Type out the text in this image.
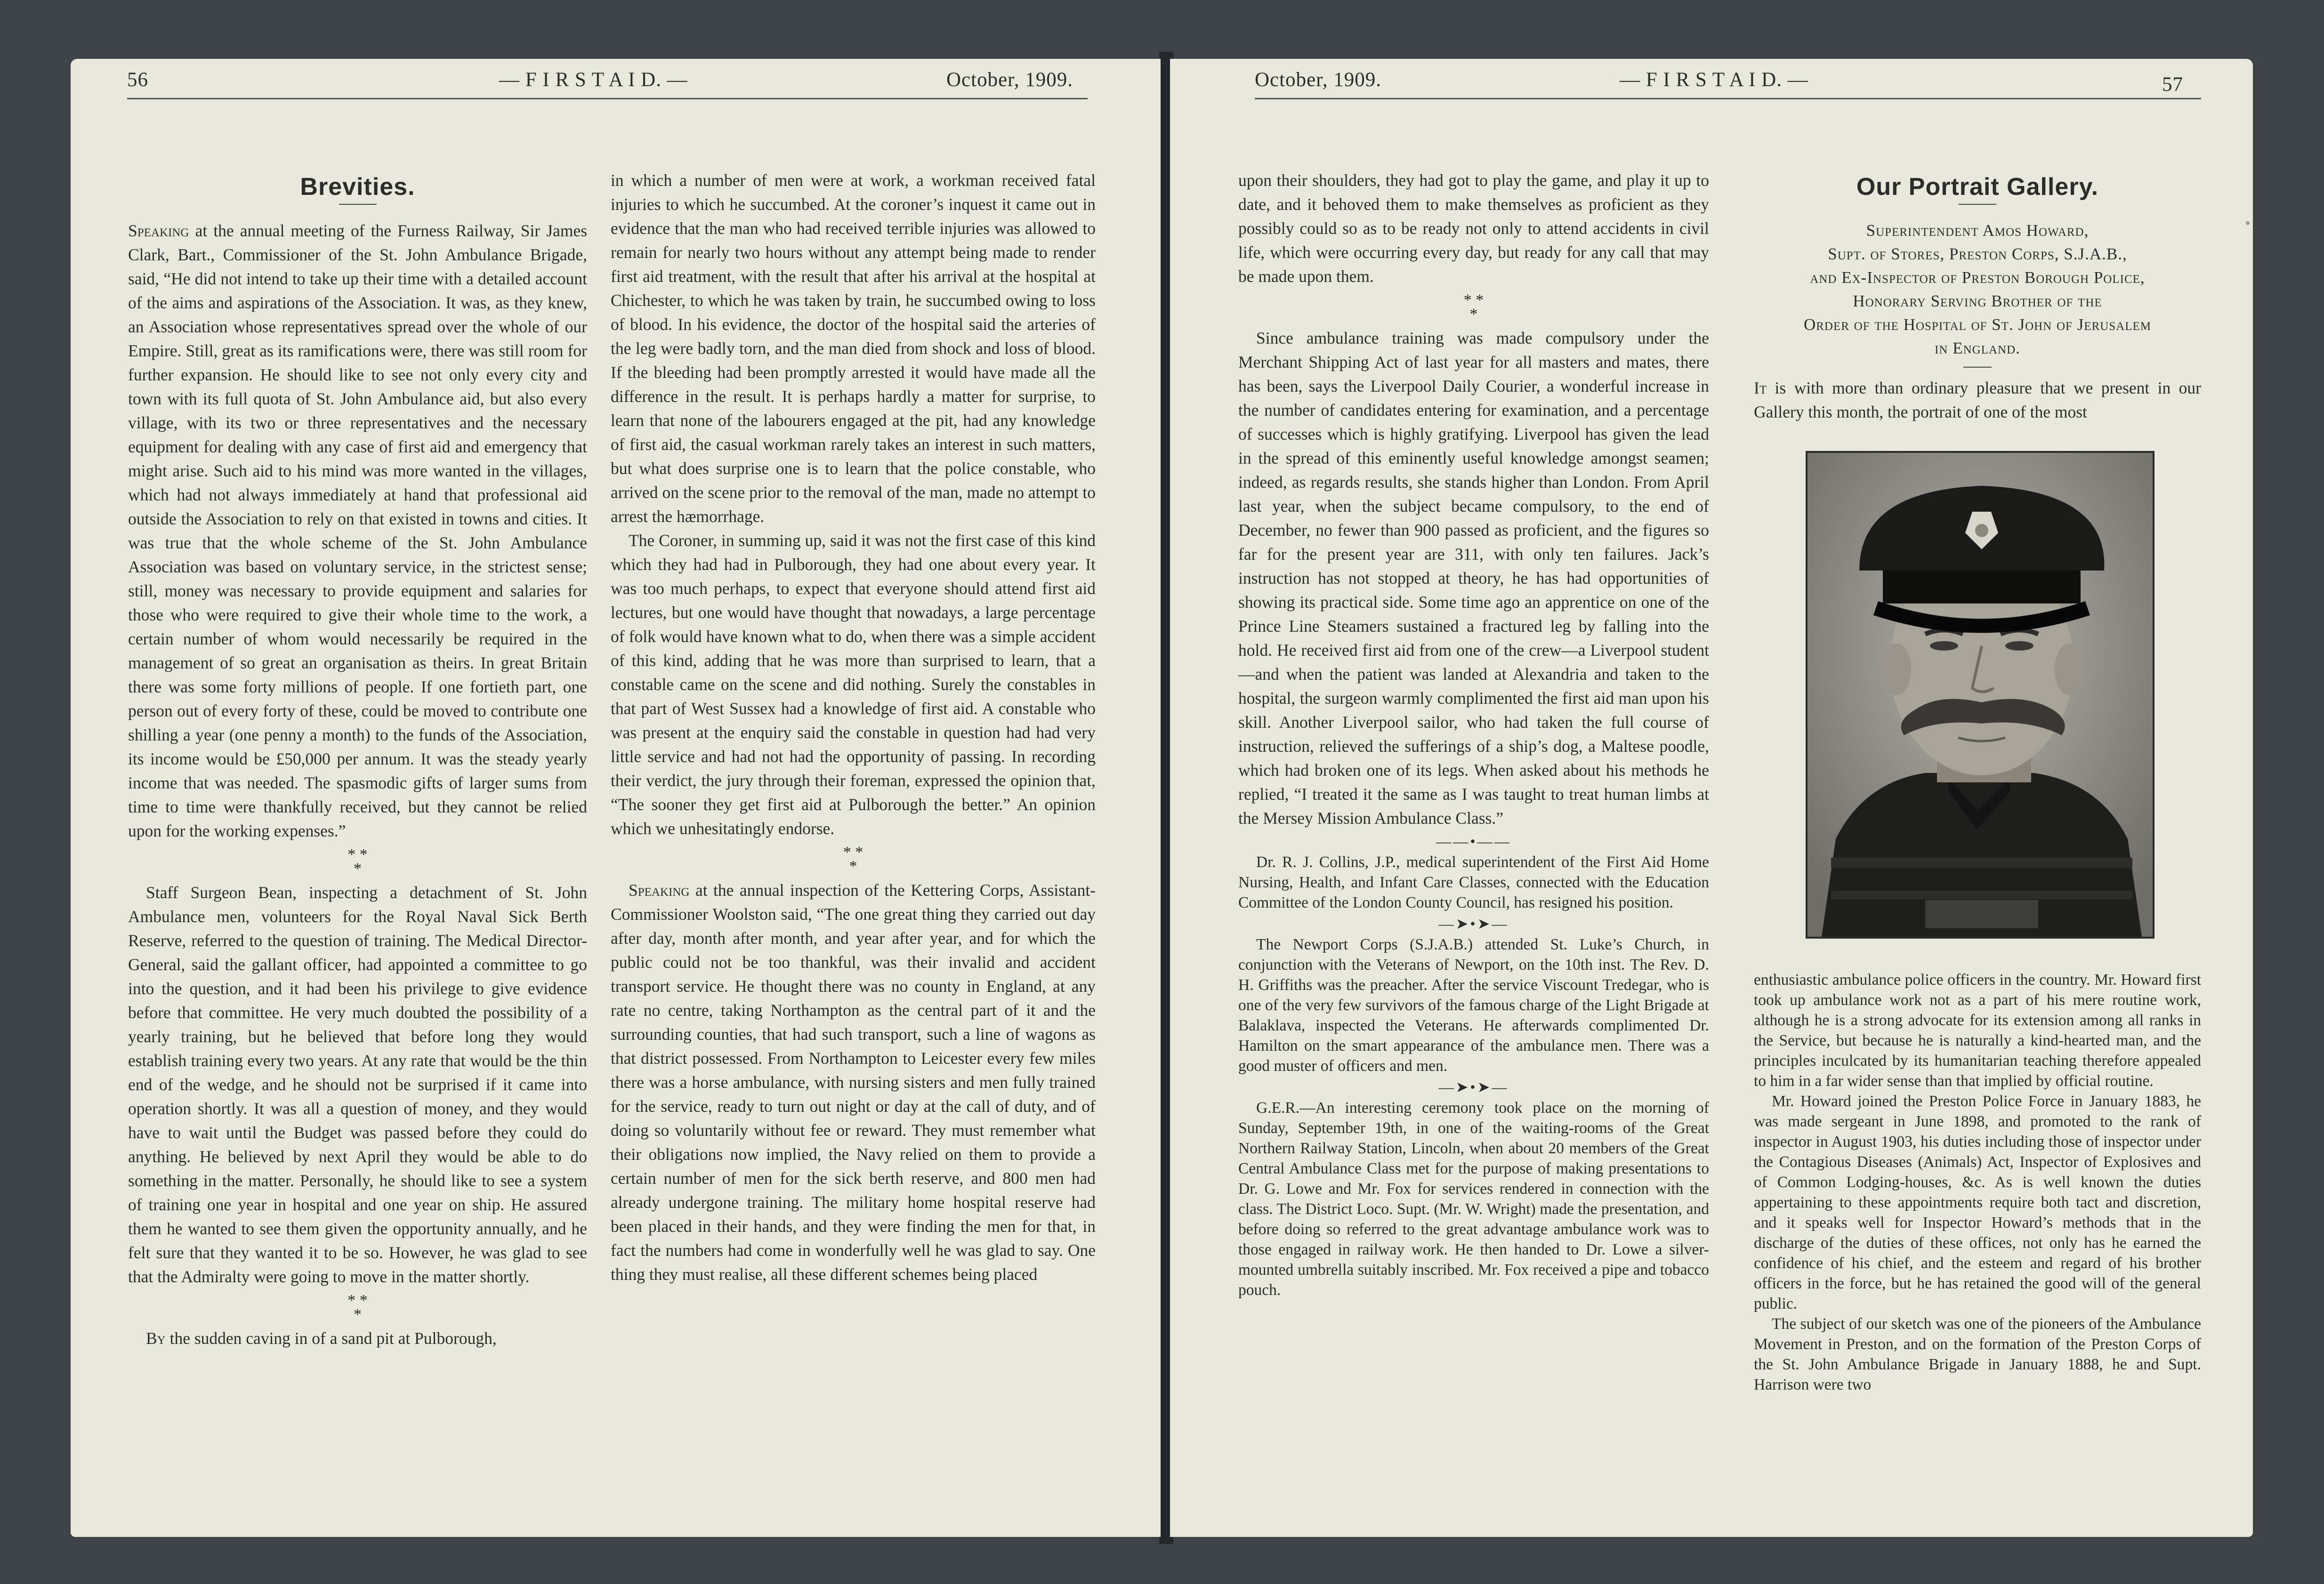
56	— F I R S T A I D. —	October, 1909.
Brevities.

Speaking at the annual meeting of the Furness Railway, Sir James Clark, Bart., Commissioner of the St. John Ambulance Brigade, said, “He did not intend to take up their time with a detailed account of the aims and aspirations of the Association. It was, as they knew, an Association whose representatives spread over the whole of our Empire. Still, great as its ramifications were, there was still room for further expansion. He should like to see not only every city and town with its full quota of St. John Ambulance aid, but also every village, with its two or three representatives and the necessary equipment for dealing with any case of first aid and emergency that might arise. Such aid to his mind was more wanted in the villages, which had not always immediately at hand that professional aid outside the Association to rely on that existed in towns and cities. It was true that the whole scheme of the St. John Ambulance Association was based on voluntary service, in the strictest sense; still, money was necessary to provide equipment and salaries for those who were required to give their whole time to the work, a certain number of whom would necessarily be required in the management of so great an organisation as theirs. In great Britain there was some forty millions of people. If one fortieth part, one person out of every forty of these, could be moved to contribute one shilling a year (one penny a month) to the funds of the Association, its income would be £50,000 per annum. It was the steady yearly income that was needed. The spasmodic gifts of larger sums from time to time were thankfully received, but they cannot be relied upon for the working expenses.”

* *
*

Staff Surgeon Bean, inspecting a detachment of St. John Ambulance men, volunteers for the Royal Naval Sick Berth Reserve, referred to the question of training. The Medical Director-General, said the gallant officer, had appointed a committee to go into the question, and it had been his privilege to give evidence before that committee. He very much doubted the possibility of a yearly training, but he believed that before long they would establish training every two years. At any rate that would be the thin end of the wedge, and he should not be surprised if it came into operation shortly. It was all a question of money, and they would have to wait until the Budget was passed before they could do anything. He believed by next April they would be able to do something in the matter. Personally, he should like to see a system of training one year in hospital and one year on ship. He assured them he wanted to see them given the opportunity annually, and he felt sure that they wanted it to be so. However, he was glad to see that the Admiralty were going to move in the matter shortly.

* *
*

By the sudden caving in of a sand pit at Pulborough,

in which a number of men were at work, a workman received fatal injuries to which he succumbed. At the coroner’s inquest it came out in evidence that the man who had received terrible injuries was allowed to remain for nearly two hours without any attempt being made to render first aid treatment, with the result that after his arrival at the hospital at Chichester, to which he was taken by train, he succumbed owing to loss of blood. In his evidence, the doctor of the hospital said the arteries of the leg were badly torn, and the man died from shock and loss of blood. If the bleeding had been promptly arrested it would have made all the difference in the result. It is perhaps hardly a matter for surprise, to learn that none of the labourers engaged at the pit, had any knowledge of first aid, the casual workman rarely takes an interest in such matters, but what does surprise one is to learn that the police constable, who arrived on the scene prior to the removal of the man, made no attempt to arrest the hæmorrhage.

The Coroner, in summing up, said it was not the first case of this kind which they had had in Pulborough, they had one about every year. It was too much perhaps, to expect that everyone should attend first aid lectures, but one would have thought that nowadays, a large percentage of folk would have known what to do, when there was a simple accident of this kind, adding that he was more than surprised to learn, that a constable came on the scene and did nothing. Surely the constables in that part of West Sussex had a knowledge of first aid. A constable who was present at the enquiry said the constable in question had had very little service and had not had the opportunity of passing. In recording their verdict, the jury through their foreman, expressed the opinion that, “The sooner they get first aid at Pulborough the better.” An opinion which we unhesitatingly endorse.

* *
*

Speaking at the annual inspection of the Kettering Corps, Assistant-Commissioner Woolston said, “The one great thing they carried out day after day, month after month, and year after year, and for which the public could not be too thankful, was their invalid and accident transport service. He thought there was no county in England, at any rate no centre, taking Northampton as the central part of it and the surrounding counties, that had such transport, such a line of wagons as that district possessed. From Northampton to Leicester every few miles there was a horse ambulance, with nursing sisters and men fully trained for the service, ready to turn out night or day at the call of duty, and of doing so voluntarily without fee or reward. They must remember what their obligations now implied, the Navy relied on them to provide a certain number of men for the sick berth reserve, and 800 men had already undergone training. The military home hospital reserve had been placed in their hands, and they were finding the men for that, in fact the numbers had come in wonderfully well he was glad to say. One thing they must realise, all these different schemes being placed

October, 1909.	— F I R S T A I D. —	57

upon their shoulders, they had got to play the game, and play it up to date, and it behoved them to make themselves as proficient as they possibly could so as to be ready not only to attend accidents in civil life, which were occurring every day, but ready for any call that may be made upon them.

* *
*

Since ambulance training was made compulsory under the Merchant Shipping Act of last year for all masters and mates, there has been, says the Liverpool Daily Courier, a wonderful increase in the number of candidates entering for examination, and a percentage of successes which is highly gratifying. Liverpool has given the lead in the spread of this eminently useful knowledge amongst seamen; indeed, as regards results, she stands higher than London. From April last year, when the subject became compulsory, to the end of December, no fewer than 900 passed as proficient, and the figures so far for the present year are 311, with only ten failures. Jack’s instruction has not stopped at theory, he has had opportunities of showing its practical side. Some time ago an apprentice on one of the Prince Line Steamers sustained a fractured leg by falling into the hold. He received first aid from one of the crew—a Liverpool student—and when the patient was landed at Alexandria and taken to the hospital, the surgeon warmly complimented the first aid man upon his skill. Another Liverpool sailor, who had taken the full course of instruction, relieved the sufferings of a ship’s dog, a Maltese poodle, which had broken one of its legs. When asked about his methods he replied, “I treated it the same as I was taught to treat human limbs at the Mersey Mission Ambulance Class.”

——•——

Dr. R. J. Collins, J.P., medical superintendent of the First Aid Home Nursing, Health, and Infant Care Classes, connected with the Education Committee of the London County Council, has resigned his position.

—➤•➤—

The Newport Corps (S.J.A.B.) attended St. Luke’s Church, in conjunction with the Veterans of Newport, on the 10th inst. The Rev. D. H. Griffiths was the preacher. After the service Viscount Tredegar, who is one of the very few survivors of the famous charge of the Light Brigade at Balaklava, inspected the Veterans. He afterwards complimented Dr. Hamilton on the smart appearance of the ambulance men. There was a good muster of officers and men.

—➤•➤—

G.E.R.—An interesting ceremony took place on the morning of Sunday, September 19th, in one of the waiting-rooms of the Great Northern Railway Station, Lincoln, when about 20 members of the Great Central Ambulance Class met for the purpose of making presentations to Dr. G. Lowe and Mr. Fox for services rendered in connection with the class. The District Loco. Supt. (Mr. W. Wright) made the presentation, and before doing so referred to the great advantage ambulance work was to those engaged in railway work. He then handed to Dr. Lowe a silver-mounted umbrella suitably inscribed. Mr. Fox received a pipe and tobacco pouch.

Our Portrait Gallery.
Superintendent Amos Howard,
Supt. of Stores, Preston Corps, S.J.A.B.,
and Ex-Inspector of Preston Borough Police,
Honorary Serving Brother of the
Order of the Hospital of St. John of Jerusalem
in England.

It is with more than ordinary pleasure that we present in our Gallery this month, the portrait of one of the most

enthusiastic ambulance police officers in the country. Mr. Howard first took up ambulance work not as a part of his mere routine work, although he is a strong advocate for its extension among all ranks in the Service, but because he is naturally a kind-hearted man, and the principles inculcated by its humanitarian teaching therefore appealed to him in a far wider sense than that implied by official routine.

Mr. Howard joined the Preston Police Force in January 1883, he was made sergeant in June 1898, and promoted to the rank of inspector in August 1903, his duties including those of inspector under the Contagious Diseases (Animals) Act, Inspector of Explosives and of Common Lodging-houses, &c. As is well known the duties appertaining to these appointments require both tact and discretion, and it speaks well for Inspector Howard’s methods that in the discharge of the duties of these offices, not only has he earned the confidence of his chief, and the esteem and regard of his brother officers in the force, but he has retained the good will of the general public.

The subject of our sketch was one of the pioneers of the Ambulance Movement in Preston, and on the formation of the Preston Corps of the St. John Ambulance Brigade in January 1888, he and Supt. Harrison were two
